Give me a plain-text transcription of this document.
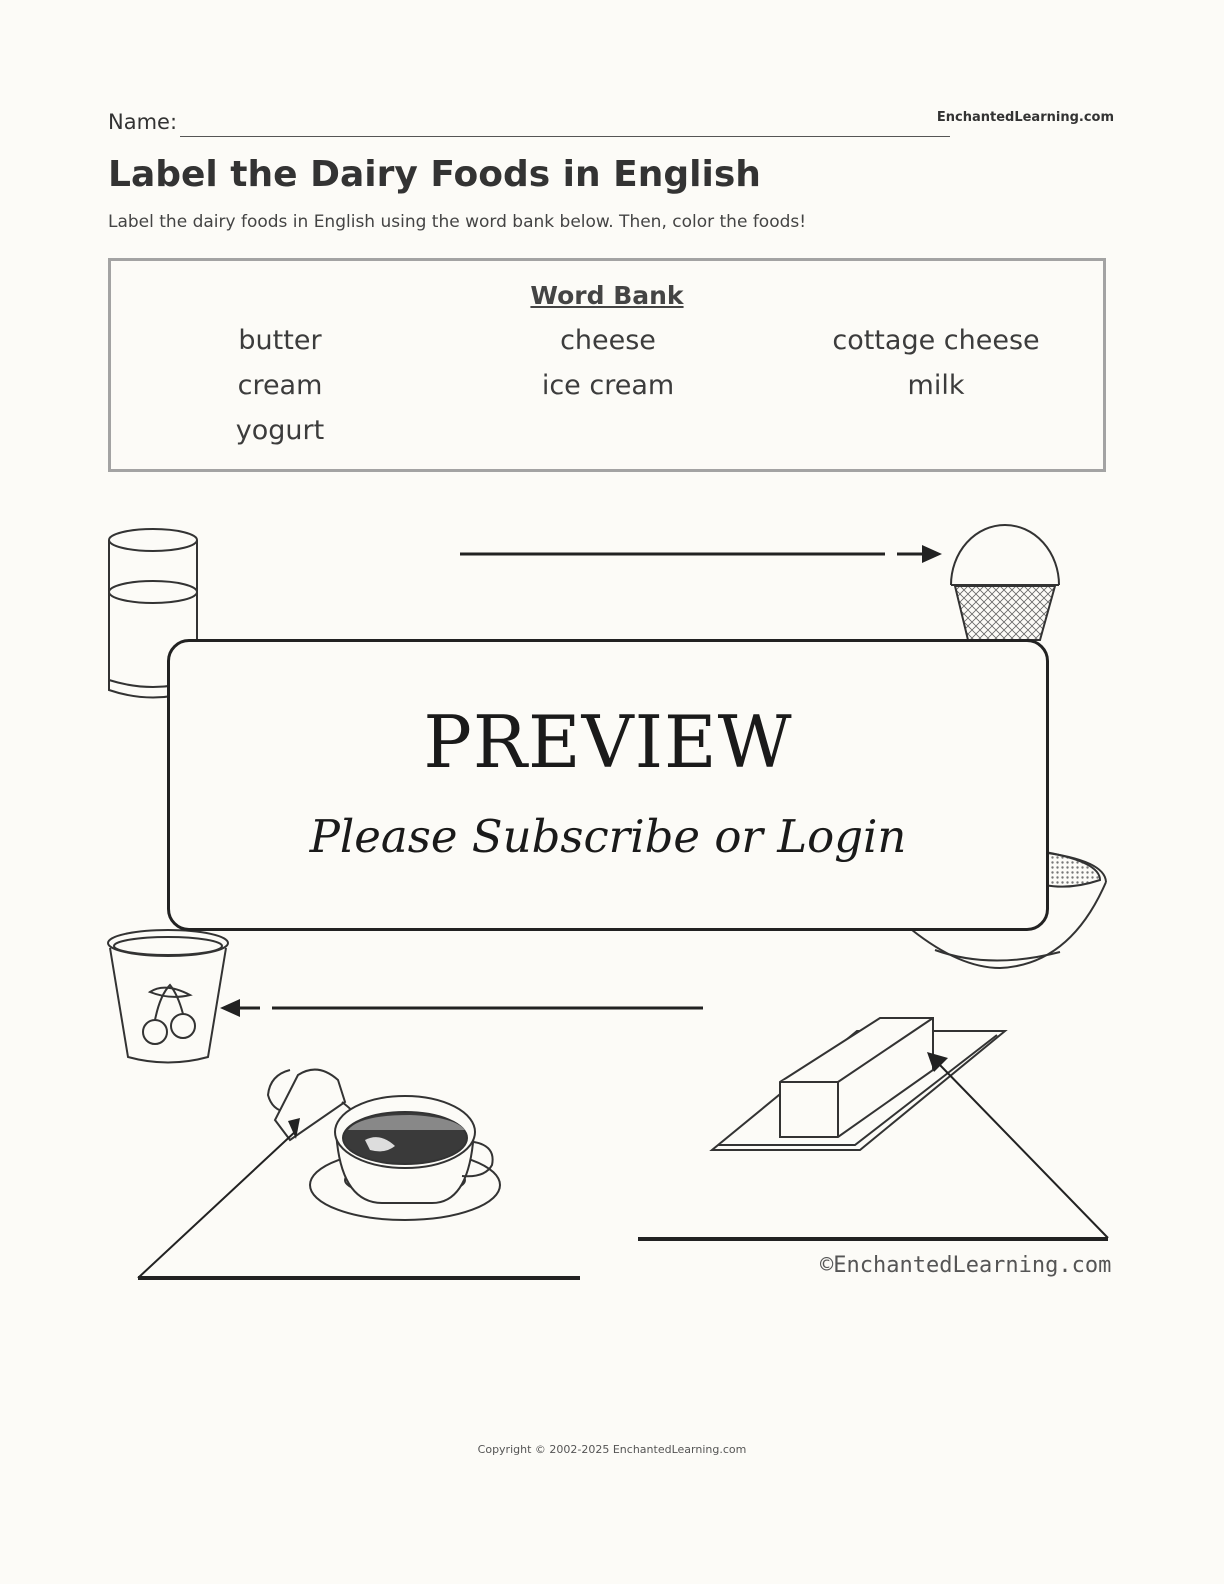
Name:	EnchantedLearning.com
Label the Dairy Foods in English
Label the dairy foods in English using the word bank below. Then, color the foods!
Word Bank
butter	cheese	cottage cheese
cream	ice cream	milk
yogurt
©EnchantedLearning.com
PREVIEW
Please Subscribe or Login
Copyright © 2002-2025 EnchantedLearning.com
